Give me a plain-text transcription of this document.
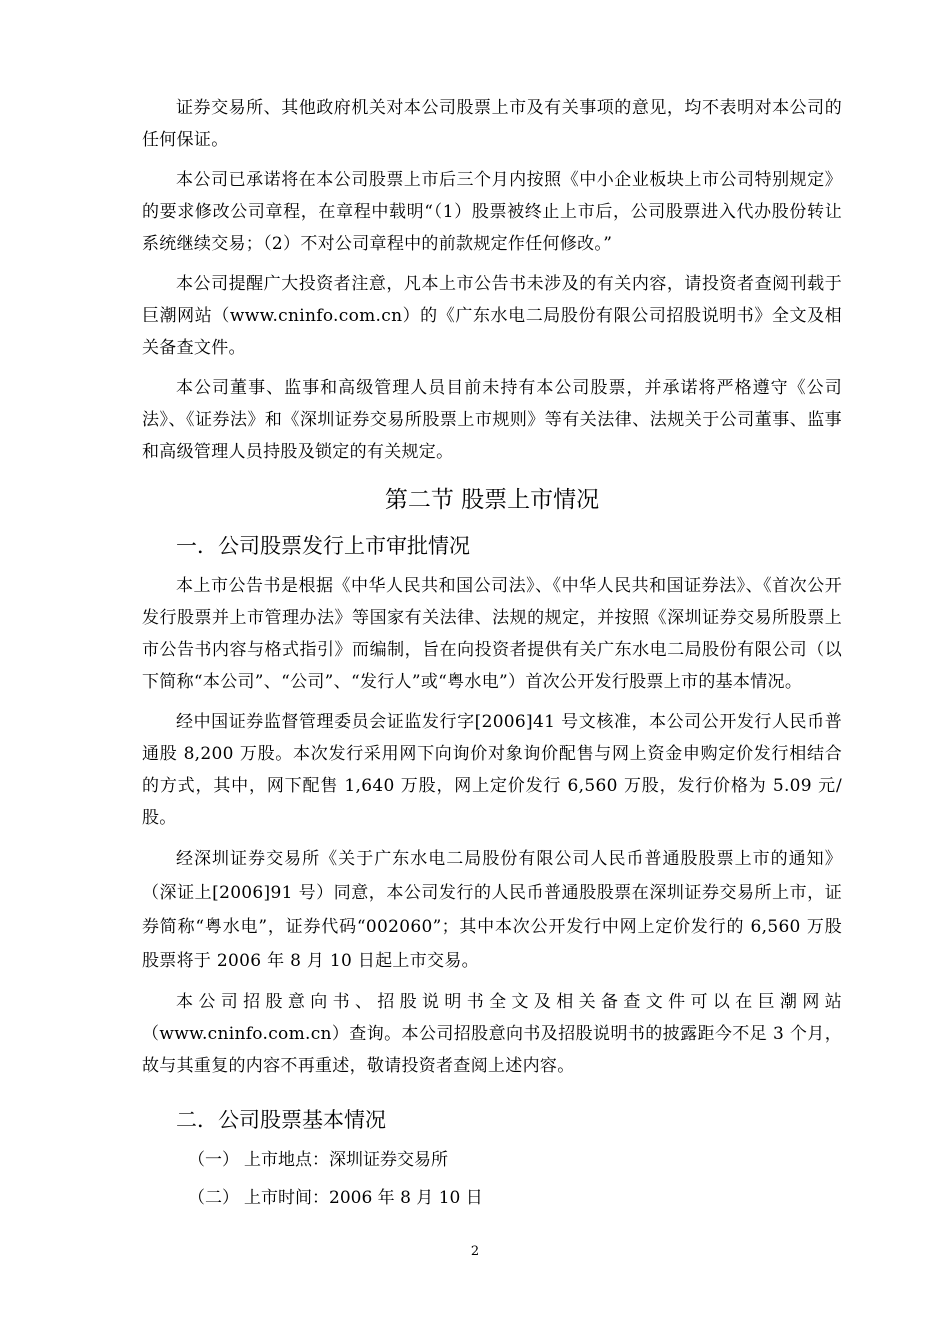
证券交易所、其他政府机关对本公司股票上市及有关事项的意见，均不表明对本公司的任何保证。

本公司已承诺将在本公司股票上市后三个月内按照《中小企业板块上市公司特别规定》的要求修改公司章程，在章程中载明“（1）股票被终止上市后，公司股票进入代办股份转让系统继续交易；（2）不对公司章程中的前款规定作任何修改。”

本公司提醒广大投资者注意，凡本上市公告书未涉及的有关内容，请投资者查阅刊载于巨潮网站（www.cninfo.com.cn）的《广东水电二局股份有限公司招股说明书》全文及相关备查文件。

本公司董事、监事和高级管理人员目前未持有本公司股票，并承诺将严格遵守《公司法》、《证券法》和《深圳证券交易所股票上市规则》等有关法律、法规关于公司董事、监事和高级管理人员持股及锁定的有关规定。

第二节 股票上市情况
一．公司股票发行上市审批情况

本上市公告书是根据《中华人民共和国公司法》、《中华人民共和国证券法》、《首次公开发行股票并上市管理办法》等国家有关法律、法规的规定，并按照《深圳证券交易所股票上市公告书内容与格式指引》而编制，旨在向投资者提供有关广东水电二局股份有限公司（以下简称“本公司”、“公司”、“发行人”或“粤水电”）首次公开发行股票上市的基本情况。

经中国证券监督管理委员会证监发行字[2006]41 号文核准，本公司公开发行人民币普通股 8,200 万股。本次发行采用网下向询价对象询价配售与网上资金申购定价发行相结合的方式，其中，网下配售 1,640 万股，网上定价发行 6,560 万股，发行价格为 5.09 元/股。

经深圳证券交易所《关于广东水电二局股份有限公司人民币普通股股票上市的通知》（深证上[2006]91 号）同意，本公司发行的人民币普通股股票在深圳证券交易所上市，证券简称“粤水电”，证券代码“002060”；其中本次公开发行中网上定价发行的 6,560 万股股票将于 2006 年 8 月 10 日起上市交易。

本公司招股意向书、招股说明书全文及相关备查文件可以在巨潮网站（www.cninfo.com.cn）查询。本公司招股意向书及招股说明书的披露距今不足 3 个月，故与其重复的内容不再重述，敬请投资者查阅上述内容。

二．公司股票基本情况
（一） 上市地点：深圳证券交易所
（二） 上市时间：2006 年 8 月 10 日
2
